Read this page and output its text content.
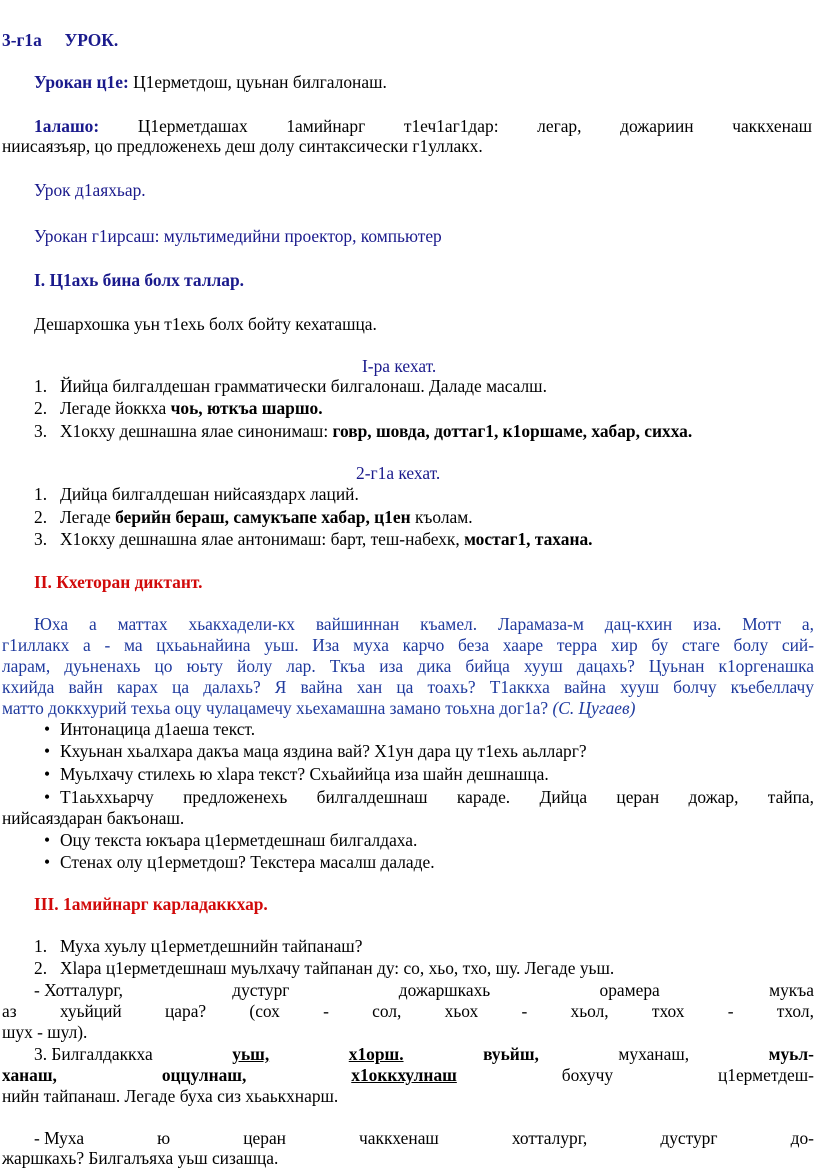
3-г1а УРОК.
Урокан ц1е: Ц1ерметдош, цуьнан билгалонаш.
1алашо: Ц1ерметдашах 1амийнарг т1еч1аг1дар: легар, дожариин чаккхенаш
ниисаязъяр, цо предложенехь деш долу синтаксически г1уллакх.
Урок д1аяхьар.
Урокан г1ирсаш: мультимедийни проектор, компьютер
I. Ц1ахь бина болх таллар.
Дешархошка уьн т1ехь болх бойту кехаташца.
I-ра кехат.
1. Йийца билгалдешан грамматически билгалонаш. Даладе масалш.
2. Легаде йоккха чоь, юткъа шаршо.
3. Х1окху дешнашна ялае синонимаш: говр, шовда, доттаг1, к1оршаме, хабар, сихха.
2-г1а кехат.
1. Дийца билгалдешан нийсаяздарх лаций.
2. Легаде берийн бераш, самукъапе хабар, ц1ен къолам.
3. Х1окху дешнашна ялае антонимаш: барт, теш-набехк, мостаг1, тахана.
II. Кхеторан диктант.
Юха а маттах хьакхадели-кх вайшиннан къамел. Ларамаза-м дац-кхин иза. Мотт а,
г1иллакх а - ма цхьаьнайина уьш. Иза муха карчо беза хааре терра хир бу стаге болу сий-
ларам, дуьненахь цо юьту йолу лар. Ткъа иза дика бийца хууш дацахь? Цуьнан к1оргенашка
кхийда вайн карах ца далахь? Я вайна хан ца тоахь? Т1аккха вайна хууш болчу къебеллачу
матто доккхурий техьа оцу чулацамечу хьехамашна замано тоьхна дог1а? (С. Цугаев)
• Интонацица д1аеша текст.
• Кхуьнан хьалхара дакъа маца яздина вай? Х1ун дара цу т1ехь аьлларг?
• Муьлхачу стилехь ю хlара текст? Схьайийца иза шайн дешнашца.
• Т1аьххьарчу предложенехь билгалдешнаш караде. Дийца церан дожар, тайпа,
нийсаяздаран бакъонаш.
• Оцу текста юкъара ц1ерметдешнаш билгалдаха.
• Стенах олу ц1ерметдош? Текстера масалш даладе.
III. 1амийнарг карладаккхар.
1. Муха хуьлу ц1ерметдешнийн тайпанаш?
2. Хlара ц1ерметдешнаш муьлхачу тайпанан ду: со, хьо, тхо, шу. Легаде уьш.
- Хотталург,	дустург	дожаршкахь	орамера	мукъа
аз хуьйций цара? (сох - сол, хьох - хьол, тхох - тхол,
шух - шул).
3. Билгалдаккха	уьш,	х1орш.	вуьйш,	муханаш,	муьл-
ханаш,	оццулнаш,	х1оккхулнаш	бохучу	ц1ерметдеш-
нийн тайпанаш. Легаде буха сиз хьаькхнарш.
- Муха	ю	церан	чаккхенаш	хотталург,	дустург	до-
жаршкахь? Билгалъяха уьш сизашца.
